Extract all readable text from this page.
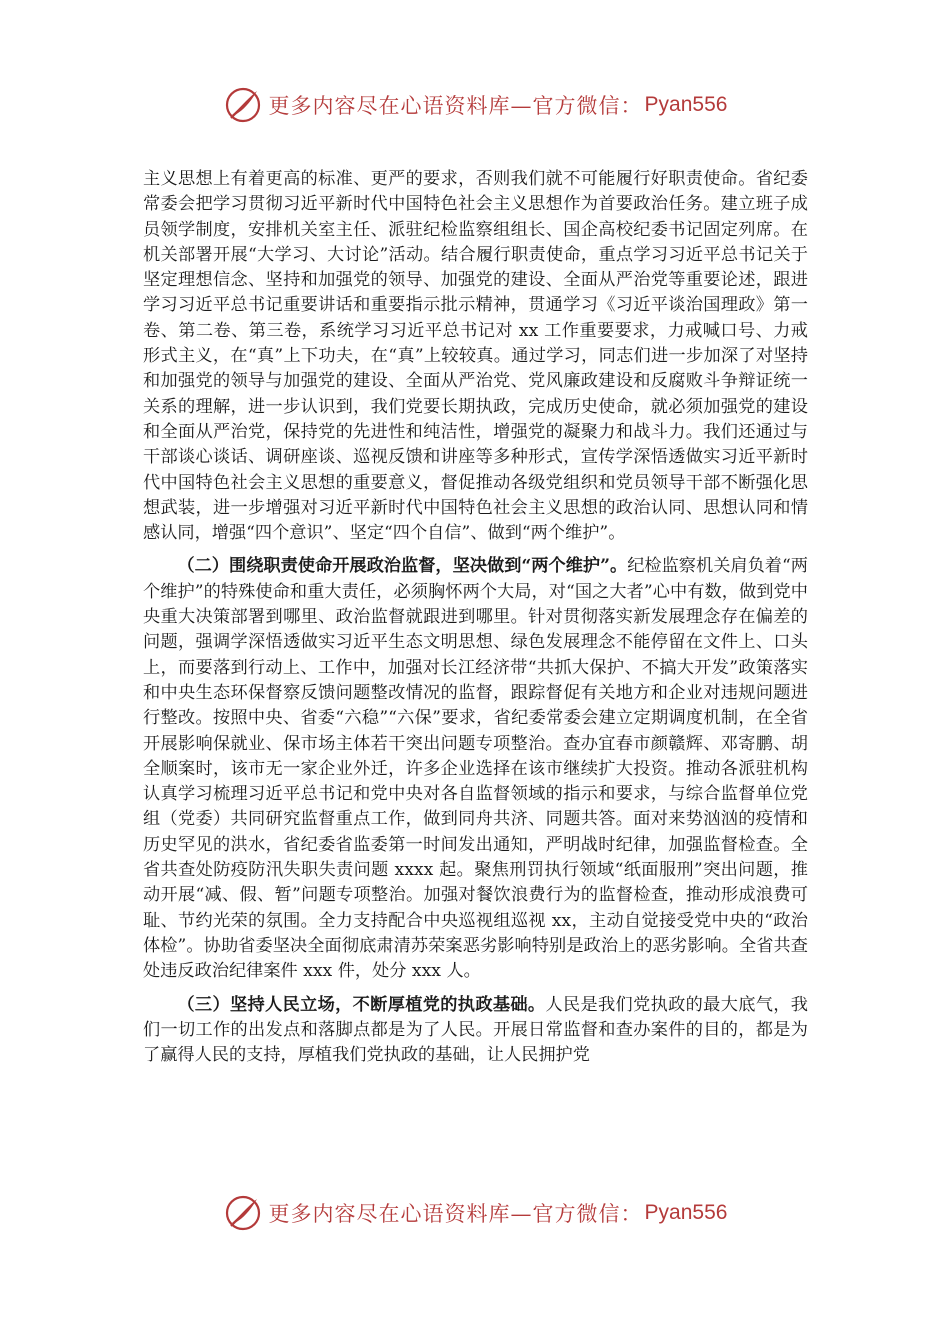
更多内容尽在心语资料库—官方微信： Pyan556

主义思想上有着更高的标准、更严的要求，否则我们就不可能履行好职责使命。省纪委常委会把学习贯彻习近平新时代中国特色社会主义思想作为首要政治任务。建立班子成员领学制度，安排机关室主任、派驻纪检监察组组长、国企高校纪委书记固定列席。在机关部署开展“大学习、大讨论”活动。结合履行职责使命，重点学习习近平总书记关于坚定理想信念、坚持和加强党的领导、加强党的建设、全面从严治党等重要论述，跟进学习习近平总书记重要讲话和重要指示批示精神，贯通学习《习近平谈治国理政》第一卷、第二卷、第三卷，系统学习习近平总书记对 xx 工作重要要求，力戒喊口号、力戒形式主义，在“真”上下功夫，在“真”上较较真。通过学习，同志们进一步加深了对坚持和加强党的领导与加强党的建设、全面从严治党、党风廉政建设和反腐败斗争辩证统一关系的理解，进一步认识到，我们党要长期执政，完成历史使命，就必须加强党的建设和全面从严治党，保持党的先进性和纯洁性，增强党的凝聚力和战斗力。我们还通过与干部谈心谈话、调研座谈、巡视反馈和讲座等多种形式，宣传学深悟透做实习近平新时代中国特色社会主义思想的重要意义，督促推动各级党组织和党员领导干部不断强化思想武装，进一步增强对习近平新时代中国特色社会主义思想的政治认同、思想认同和情感认同，增强“四个意识”、坚定“四个自信”、做到“两个维护”。

（二）围绕职责使命开展政治监督，坚决做到“两个维护”。纪检监察机关肩负着“两个维护”的特殊使命和重大责任，必须胸怀两个大局，对“国之大者”心中有数，做到党中央重大决策部署到哪里、政治监督就跟进到哪里。针对贯彻落实新发展理念存在偏差的问题，强调学深悟透做实习近平生态文明思想、绿色发展理念不能停留在文件上、口头上，而要落到行动上、工作中，加强对长江经济带“共抓大保护、不搞大开发”政策落实和中央生态环保督察反馈问题整改情况的监督，跟踪督促有关地方和企业对违规问题进行整改。按照中央、省委“六稳”“六保”要求，省纪委常委会建立定期调度机制，在全省开展影响保就业、保市场主体若干突出问题专项整治。查办宜春市颜赣辉、邓寄鹏、胡全顺案时，该市无一家企业外迁，许多企业选择在该市继续扩大投资。推动各派驻机构认真学习梳理习近平总书记和党中央对各自监督领域的指示和要求，与综合监督单位党组（党委）共同研究监督重点工作，做到同舟共济、同题共答。面对来势汹汹的疫情和历史罕见的洪水，省纪委省监委第一时间发出通知，严明战时纪律，加强监督检查。全省共查处防疫防汛失职失责问题 xxxx 起。聚焦刑罚执行领域“纸面服刑”突出问题，推动开展“减、假、暂”问题专项整治。加强对餐饮浪费行为的监督检查，推动形成浪费可耻、节约光荣的氛围。全力支持配合中央巡视组巡视 xx，主动自觉接受党中央的“政治体检”。协助省委坚决全面彻底肃清苏荣案恶劣影响特别是政治上的恶劣影响。全省共查处违反政治纪律案件 xxx 件，处分 xxx 人。

（三）坚持人民立场，不断厚植党的执政基础。人民是我们党执政的最大底气，我们一切工作的出发点和落脚点都是为了人民。开展日常监督和查办案件的目的，都是为了赢得人民的支持，厚植我们党执政的基础，让人民拥护党

更多内容尽在心语资料库—官方微信： Pyan556
